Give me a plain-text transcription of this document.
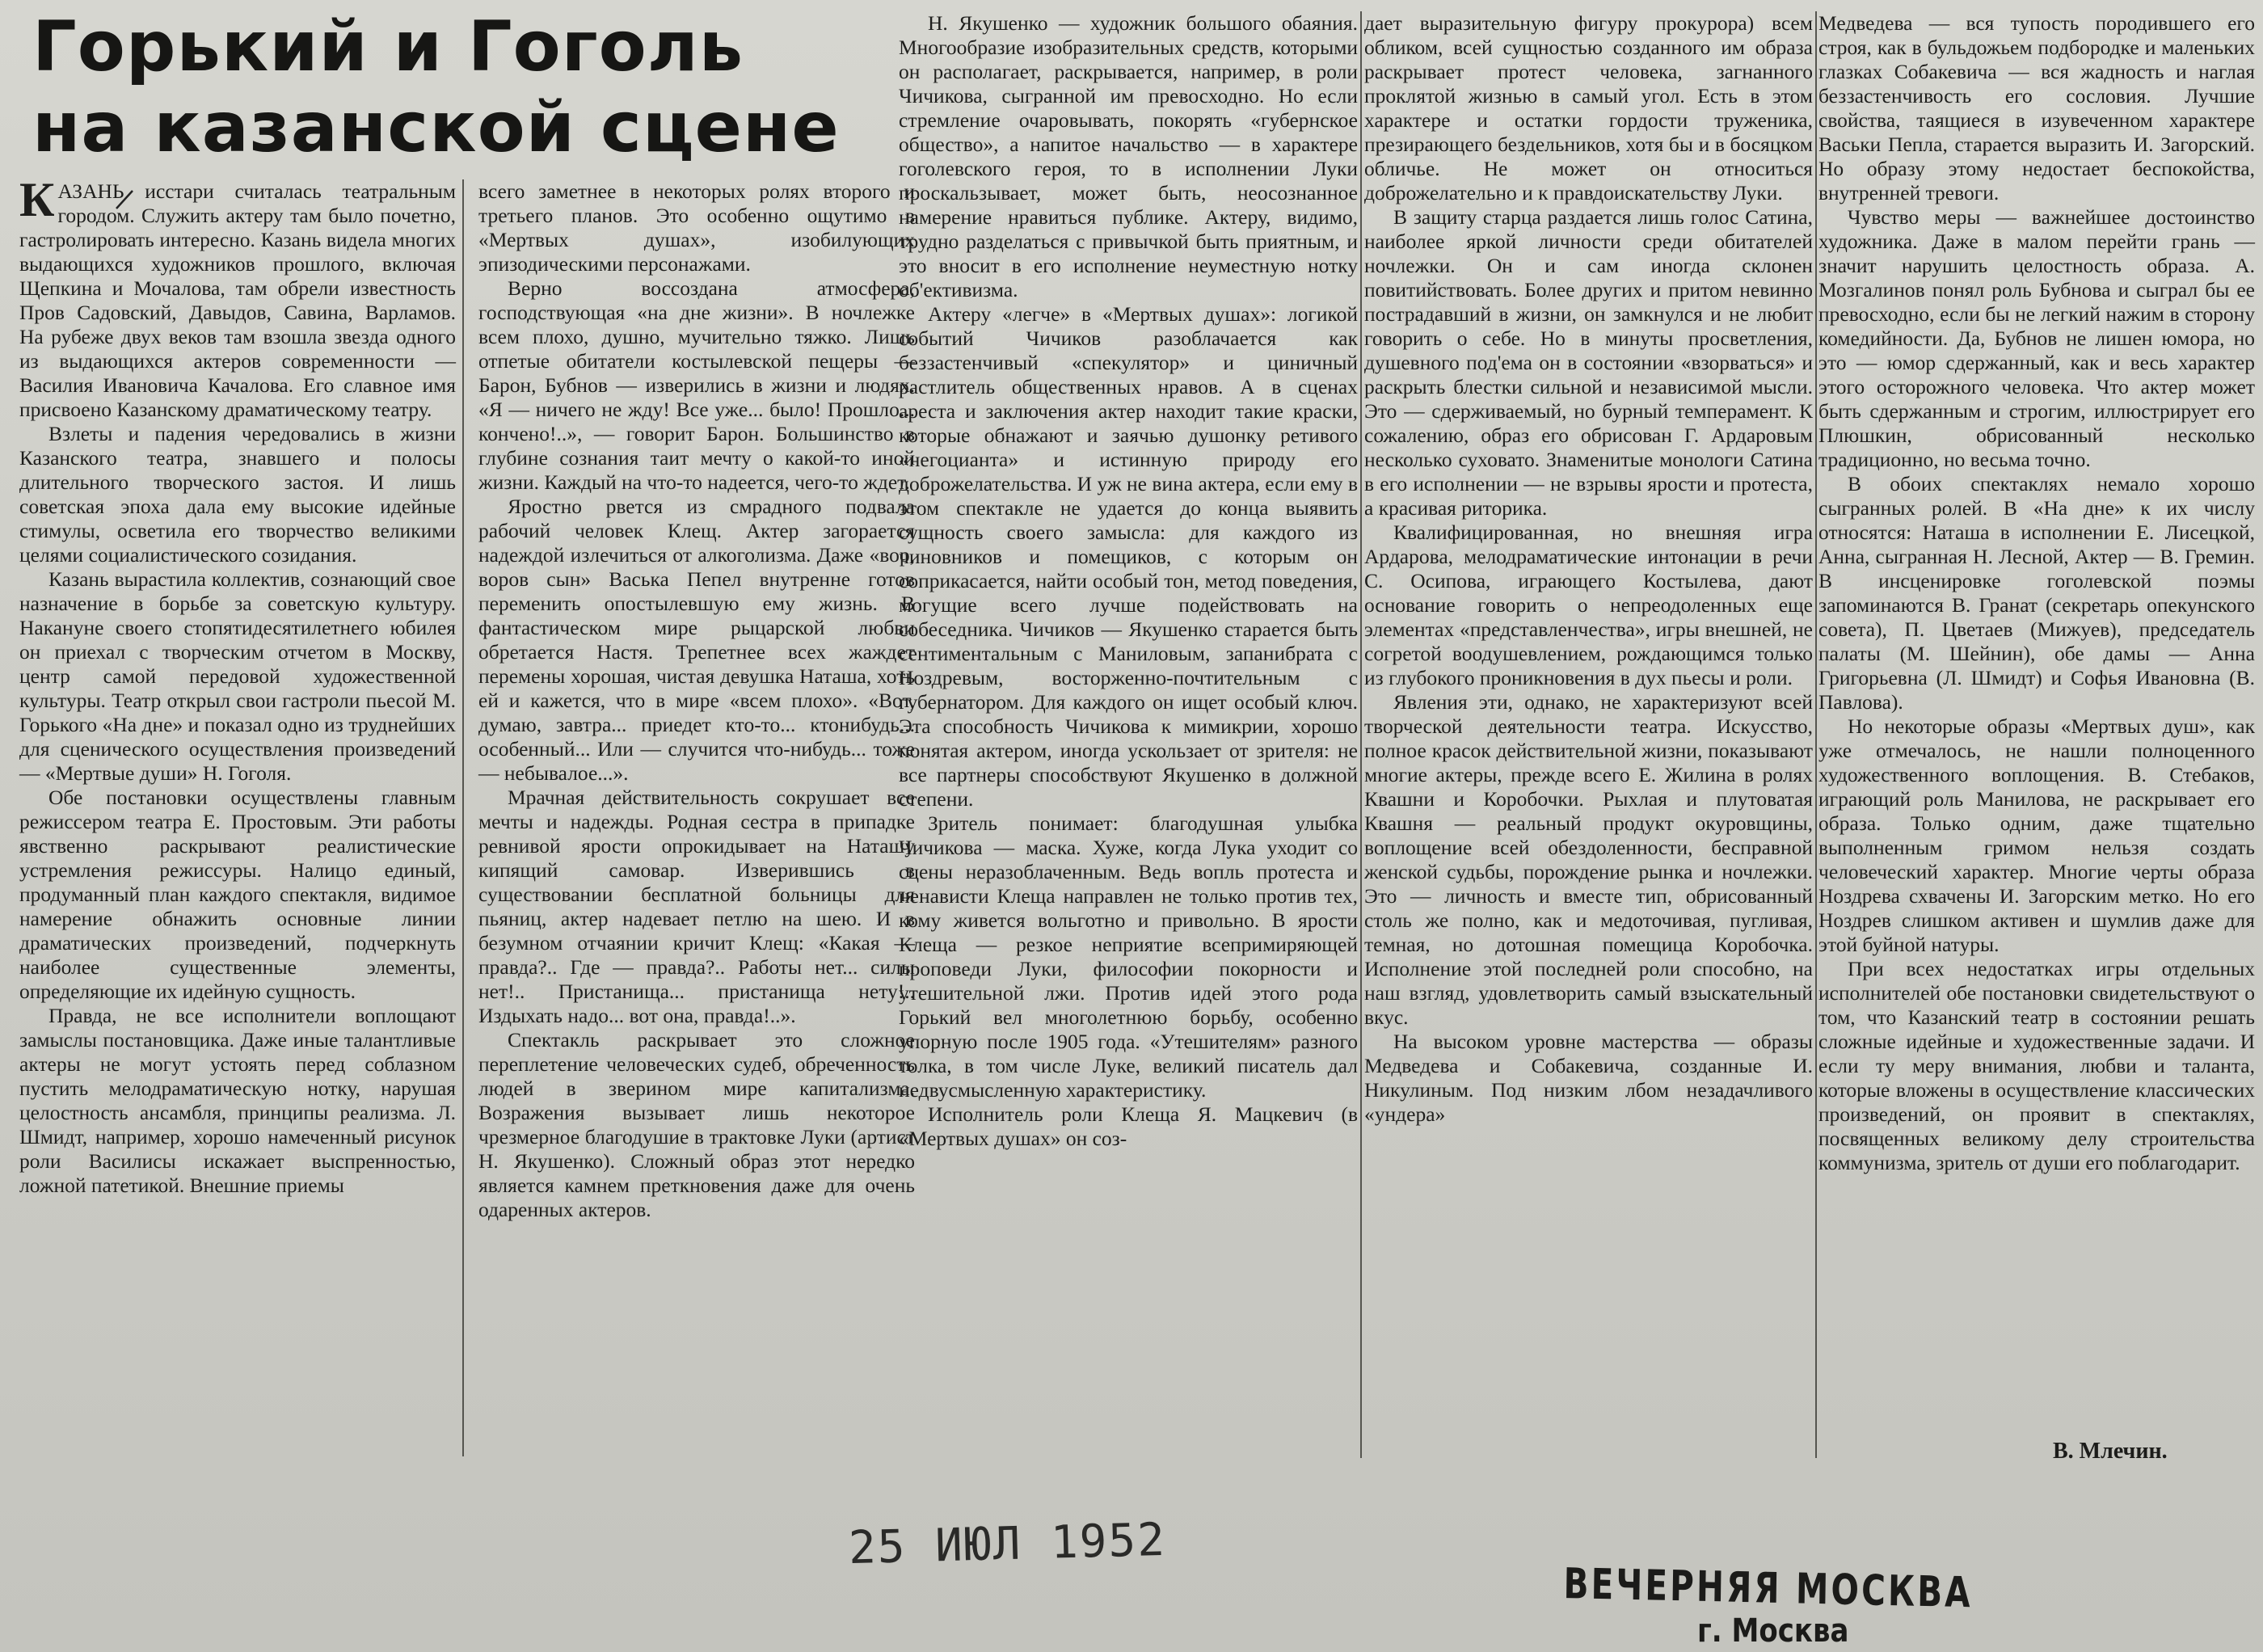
Горький и Гоголь
на казанской сцене

КАЗАНЬ исстари считалась театральным городом. Служить актеру там было почетно, гастролировать интересно. Казань видела многих выдающихся художников прошлого, включая Щепкина и Мочалова, там обрели известность Пров Садовский, Давыдов, Савина, Варламов. На рубеже двух веков там взошла звезда одного из выдающихся актеров современности — Василия Ивановича Качалова. Его славное имя присвоено Казанскому драматическому театру.

Взлеты и падения чередовались в жизни Казанского театра, знавшего и полосы длительного творческого застоя. И лишь советская эпоха дала ему высокие идейные стимулы, осветила его творчество великими целями социалистического созидания.

Казань вырастила коллектив, сознающий свое назначение в борьбе за советскую культуру. Накануне своего стопятидесятилетнего юбилея он приехал с творческим отчетом в Москву, центр самой передовой художественной культуры. Театр открыл свои гастроли пьесой М. Горького «На дне» и показал одно из труднейших для сценического осуществления произведений — «Мертвые души» Н. Гоголя.

Обе постановки осуществлены главным режиссером театра Е. Простовым. Эти работы явственно раскрывают реалистические устремления режиссуры. Налицо единый, продуманный план каждого спектакля, видимое намерение обнажить основные линии драматических произведений, подчеркнуть наиболее существенные элементы, определяющие их идейную сущность.

Правда, не все исполнители воплощают замыслы постановщика. Даже иные талантливые актеры не могут устоять перед соблазном пустить мелодраматическую нотку, нарушая целостность ансамбля, принципы реализма. Л. Шмидт, например, хорошо намеченный рисунок роли Василисы искажает выспренностью, ложной патетикой. Внешние приемы

всего заметнее в некоторых ролях второго и третьего планов. Это особенно ощутимо в «Мертвых душах», изобилующих эпизодическими персонажами.

Верно воссоздана атмосфера, господствующая «на дне жизни». В ночлежке всем плохо, душно, мучительно тяжко. Лишь отпетые обитатели костылевской пещеры — Барон, Бубнов — изверились в жизни и людях. «Я — ничего не жду! Все уже... было! Прошло... кончено!..», — говорит Барон. Большинство в глубине сознания таит мечту о какой-то иной жизни. Каждый на что-то надеется, чего-то ждет.

Яростно рвется из смрадного подвала рабочий человек Клещ. Актер загорается надеждой излечиться от алкоголизма. Даже «вор, воров сын» Васька Пепел внутренне готов переменить опостылевшую ему жизнь. В фантастическом мире рыцарской любви обретается Настя. Трепетнее всех жаждет перемены хорошая, чистая девушка Наташа, хоть ей и кажется, что в мире «всем плохо». «Вот, думаю, завтра... приедет кто-то... ктонибудь... особенный... Или — случится что-нибудь... тоже — небывалое...».

Мрачная действительность сокрушает все мечты и надежды. Родная сестра в припадке ревнивой ярости опрокидывает на Наташу кипящий самовар. Изверившись в существовании бесплатной больницы для пьяниц, актер надевает петлю на шею. И в безумном отчаянии кричит Клещ: «Какая — правда?.. Где — правда?.. Работы нет... силы нет!.. Пристанища... пристанища нету!.. Издыхать надо... вот она, правда!..».

Спектакль раскрывает это сложное переплетение человеческих судеб, обреченность людей в зверином мире капитализма. Возражения вызывает лишь некоторое чрезмерное благодушие в трактовке Луки (артист Н. Якушенко). Сложный образ этот нередко является камнем преткновения даже для очень одаренных актеров.

Н. Якушенко — художник большого обаяния. Многообразие изобразительных средств, которыми он располагает, раскрывается, например, в роли Чичикова, сыгранной им превосходно. Но если стремление очаровывать, покорять «губернское общество», а напитое начальство — в характере гоголевского героя, то в исполнении Луки проскальзывает, может быть, неосознанное намерение нравиться публике. Актеру, видимо, трудно разделаться с привычкой быть приятным, и это вносит в его исполнение неуместную нотку об'ективизма.

Актеру «легче» в «Мертвых душах»: логикой событий Чичиков разоблачается как беззастенчивый «спекулятор» и циничный растлитель общественных нравов. А в сценах ареста и заключения актер находит такие краски, которые обнажают и заячью душонку ретивого «негоцианта» и истинную природу его доброжелательства. И уж не вина актера, если ему в этом спектакле не удается до конца выявить сущность своего замысла: для каждого из чиновников и помещиков, с которым он соприкасается, найти особый тон, метод поведения, могущие всего лучше подействовать на собеседника. Чичиков — Якушенко старается быть сентиментальным с Маниловым, запанибрата с Ноздревым, восторженно-почтительным с губернатором. Для каждого он ищет особый ключ. Эта способность Чичикова к мимикрии, хорошо понятая актером, иногда ускользает от зрителя: не все партнеры способствуют Якушенко в должной степени.

Зритель понимает: благодушная улыбка Чичикова — маска. Хуже, когда Лука уходит со сцены неразоблаченным. Ведь вопль протеста и ненависти Клеща направлен не только против тех, кому живется вольготно и привольно. В ярости Клеща — резкое неприятие всепримиряющей проповеди Луки, философии покорности и утешительной лжи. Против идей этого рода Горький вел многолетнюю борьбу, особенно упорную после 1905 года. «Утешителям» разного толка, в том числе Луке, великий писатель дал недвусмысленную характеристику.

Исполнитель роли Клеща Я. Мацкевич (в «Мертвых душах» он соз-

дает выразительную фигуру прокурора) всем обликом, всей сущностью созданного им образа раскрывает протест человека, загнанного проклятой жизнью в самый угол. Есть в этом характере и остатки гордости труженика, презирающего бездельников, хотя бы и в босяцком обличье. Не может он относиться доброжелательно и к правдоискательству Луки.

В защиту старца раздается лишь голос Сатина, наиболее яркой личности среди обитателей ночлежки. Он и сам иногда склонен повитийствовать. Более других и притом невинно пострадавший в жизни, он замкнулся и не любит говорить о себе. Но в минуты просветления, душевного под'ема он в состоянии «взорваться» и раскрыть блестки сильной и независимой мысли. Это — сдерживаемый, но бурный темперамент. К сожалению, образ его обрисован Г. Ардаровым несколько суховато. Знаменитые монологи Сатина в его исполнении — не взрывы ярости и протеста, а красивая риторика.

Квалифицированная, но внешняя игра Ардарова, мелодраматические интонации в речи С. Осипова, играющего Костылева, дают основание говорить о непреодоленных еще элементах «представленчества», игры внешней, не согретой воодушевлением, рождающимся только из глубокого проникновения в дух пьесы и роли.

Явления эти, однако, не характеризуют всей творческой деятельности театра. Искусство, полное красок действительной жизни, показывают многие актеры, прежде всего Е. Жилина в ролях Квашни и Коробочки. Рыхлая и плутоватая Квашня — реальный продукт окуровщины, воплощение всей обездоленности, бесправной женской судьбы, порождение рынка и ночлежки. Это — личность и вместе тип, обрисованный столь же полно, как и медоточивая, пугливая, темная, но дотошная помещица Коробочка. Исполнение этой последней роли способно, на наш взгляд, удовлетворить самый взыскательный вкус.

На высоком уровне мастерства — образы Медведева и Собакевича, созданные И. Никулиным. Под низким лбом незадачливого «ундера»

Медведева — вся тупость породившего его строя, как в бульдожьем подбородке и маленьких глазках Собакевича — вся жадность и наглая беззастенчивость его сословия. Лучшие свойства, таящиеся в изувеченном характере Васьки Пепла, старается выразить И. Загорский. Но образу этому недостает беспокойства, внутренней тревоги.

Чувство меры — важнейшее достоинство художника. Даже в малом перейти грань — значит нарушить целостность образа. А. Мозгалинов понял роль Бубнова и сыграл бы ее превосходно, если бы не легкий нажим в сторону комедийности. Да, Бубнов не лишен юмора, но это — юмор сдержанный, как и весь характер этого осторожного человека. Что актер может быть сдержанным и строгим, иллюстрирует его Плюшкин, обрисованный несколько традиционно, но весьма точно.

В обоих спектаклях немало хорошо сыгранных ролей. В «На дне» к их числу относятся: Наташа в исполнении Е. Лисецкой, Анна, сыгранная Н. Лесной, Актер — В. Гремин. В инсценировке гоголевской поэмы запоминаются В. Гранат (секретарь опекунского совета), П. Цветаев (Мижуев), председатель палаты (М. Шейнин), обе дамы — Анна Григорьевна (Л. Шмидт) и Софья Ивановна (В. Павлова).

Но некоторые образы «Мертвых душ», как уже отмечалось, не нашли полноценного художественного воплощения. В. Стебаков, играющий роль Манилова, не раскрывает его образа. Только одним, даже тщательно выполненным гримом нельзя создать человеческий характер. Многие черты образа Ноздрева схвачены И. Загорским метко. Но его Ноздрев слишком активен и шумлив даже для этой буйной натуры.

При всех недостатках игры отдельных исполнителей обе постановки свидетельствуют о том, что Казанский театр в состоянии решать сложные идейные и художественные задачи. И если ту меру внимания, любви и таланта, которые вложены в осуществление классических произведений, он проявит в спектаклях, посвященных великому делу строительства коммунизма, зритель от души его поблагодарит.

В. Млечин.
25 ИЮЛ 1952
ВЕЧЕРНЯЯ МОСКВА
г. Москва
